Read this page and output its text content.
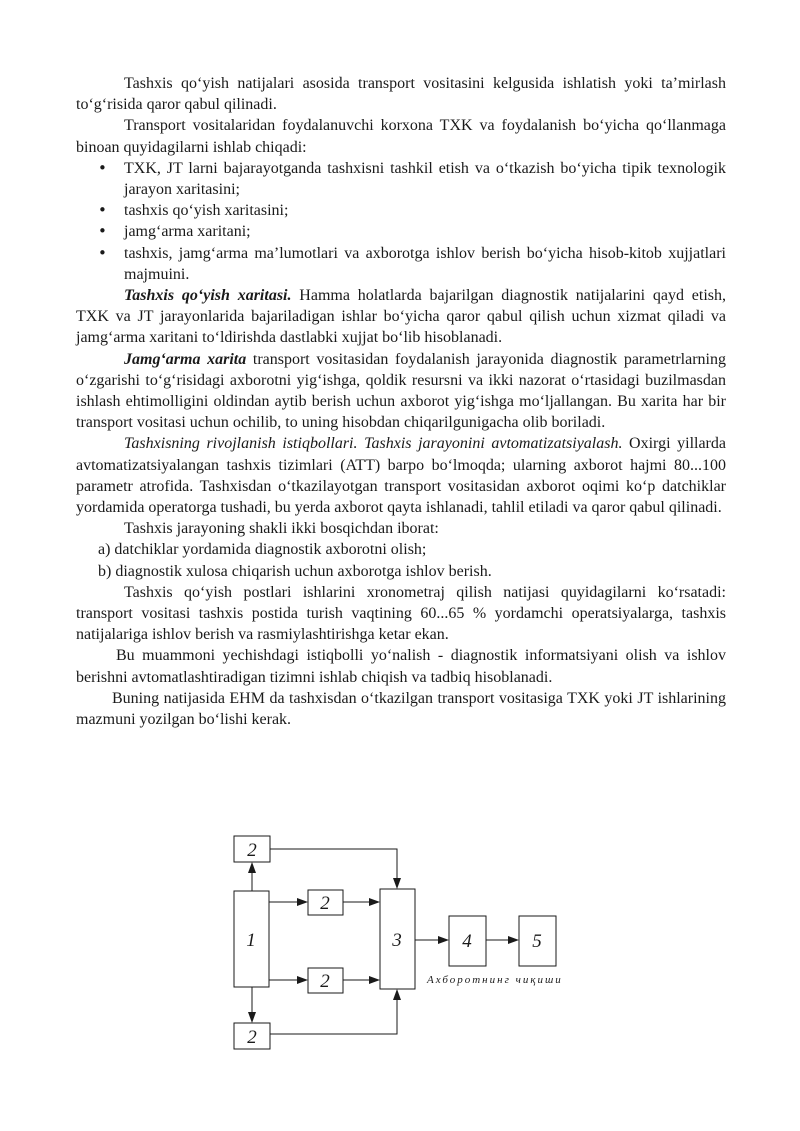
Tashxis qo‘yish natijalari asosida transport vositasini kelgusida ishlatish yoki ta’mirlash to‘g‘risida qaror qabul qilinadi.

Transport vositalaridan foydalanuvchi korxona TXK va foydalanish bo‘yicha qo‘llanmaga binoan quyidagilarni ishlab chiqadi:

• TXK, JT larni bajarayotganda tashxisni tashkil etish va o‘tkazish bo‘yicha tipik texnologik jarayon xaritasini;
• tashxis qo‘yish xaritasini;
• jamg‘arma xaritani;
• tashxis, jamg‘arma ma’lumotlari va axborotga ishlov berish bo‘yicha hisob-kitob xujjatlari majmuini.

Tashxis qo‘yish xaritasi. Hamma holatlarda bajarilgan diagnostik natijalarini qayd etish, TXK va JT jarayonlarida bajariladigan ishlar bo‘yicha qaror qabul qilish uchun xizmat qiladi va jamg‘arma xaritani to‘ldirishda dastlabki xujjat bo‘lib hisoblanadi.

Jamg‘arma xarita transport vositasidan foydalanish jarayonida diagnostik parametrlarning o‘zgarishi to‘g‘risidagi axborotni yig‘ishga, qoldik resursni va ikki nazorat o‘rtasidagi buzilmasdan ishlash ehtimolligini oldindan aytib berish uchun axborot yig‘ishga mo‘ljallangan. Bu xarita har bir transport vositasi uchun ochilib, to uning hisobdan chiqarilgunigacha olib boriladi.

Tashxisning rivojlanish istiqbollari. Tashxis jarayonini avtomatizatsiyalash. Oxirgi yillarda avtomatizatsiyalangan tashxis tizimlari (ATT) barpo bo‘lmoqda; ularning axborot hajmi 80...100 parametr atrofida. Tashxisdan o‘tkazilayotgan transport vositasidan axborot oqimi ko‘p datchiklar yordamida operatorga tushadi, bu yerda axborot qayta ishlanadi, tahlil etiladi va qaror qabul qilinadi.

Tashxis jarayoning shakli ikki bosqichdan iborat:

a) datchiklar yordamida diagnostik axborotni olish;

b) diagnostik xulosa chiqarish uchun axborotga ishlov berish.

Tashxis qo‘yish postlari ishlarini xronometraj qilish natijasi quyidagilarni ko‘rsatadi: transport vositasi tashxis postida turish vaqtining 60...65 % yordamchi operatsiyalarga, tashxis natijalariga ishlov berish va rasmiylashtirishga ketar ekan.

Bu muammoni yechishdagi istiqbolli yo‘nalish - diagnostik informatsiyani olish va ishlov berishni avtomatlashtiradigan tizimni ishlab chiqish va tadbiq hisoblanadi.

Buning natijasida EHM da tashxisdan o‘tkazilgan transport vositasiga TXK yoki JT ishlarining mazmuni yozilgan bo‘lishi kerak.

2
1
2
2
2
3	4	5
Ахборотнинг чиқиши
